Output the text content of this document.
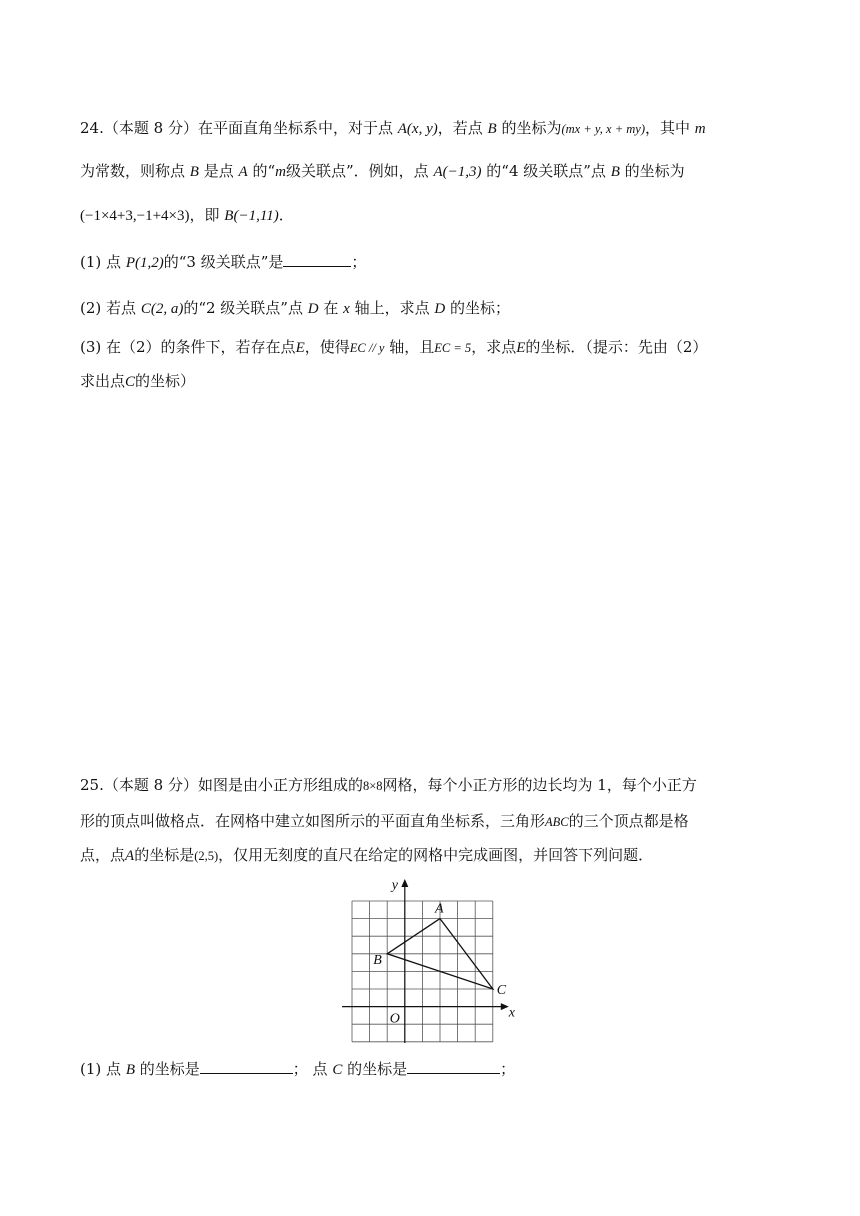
24.（本题 8 分）在平面直角坐标系中，对于点 A(x, y)，若点 B 的坐标为(mx + y, x + my)，其中 m
为常数，则称点 B 是点 A 的“m级关联点”．例如，点 A(−1,3) 的“4 级关联点”点 B 的坐标为
(−1×4+3,−1+4×3)，即 B(−1,11)．
(1) 点 P(1,2)的“3 级关联点”是	；
(2) 若点 C(2, a)的“2 级关联点”点 D 在 x 轴上，求点 D 的坐标；
(3) 在（2）的条件下，若存在点E，使得EC // y 轴，且EC = 5，求点E的坐标．（提示：先由（2）
求出点C的坐标）
25.（本题 8 分）如图是由小正方形组成的8×8网格，每个小正方形的边长均为 1，每个小正方
形的顶点叫做格点．在网格中建立如图所示的平面直角坐标系，三角形ABC的三个顶点都是格
点，点A的坐标是(2,5)，仅用无刻度的直尺在给定的网格中完成画图，并回答下列问题．
y
x
O
A
B
C
(1) 点 B 的坐标是	； 点 C 的坐标是	；
